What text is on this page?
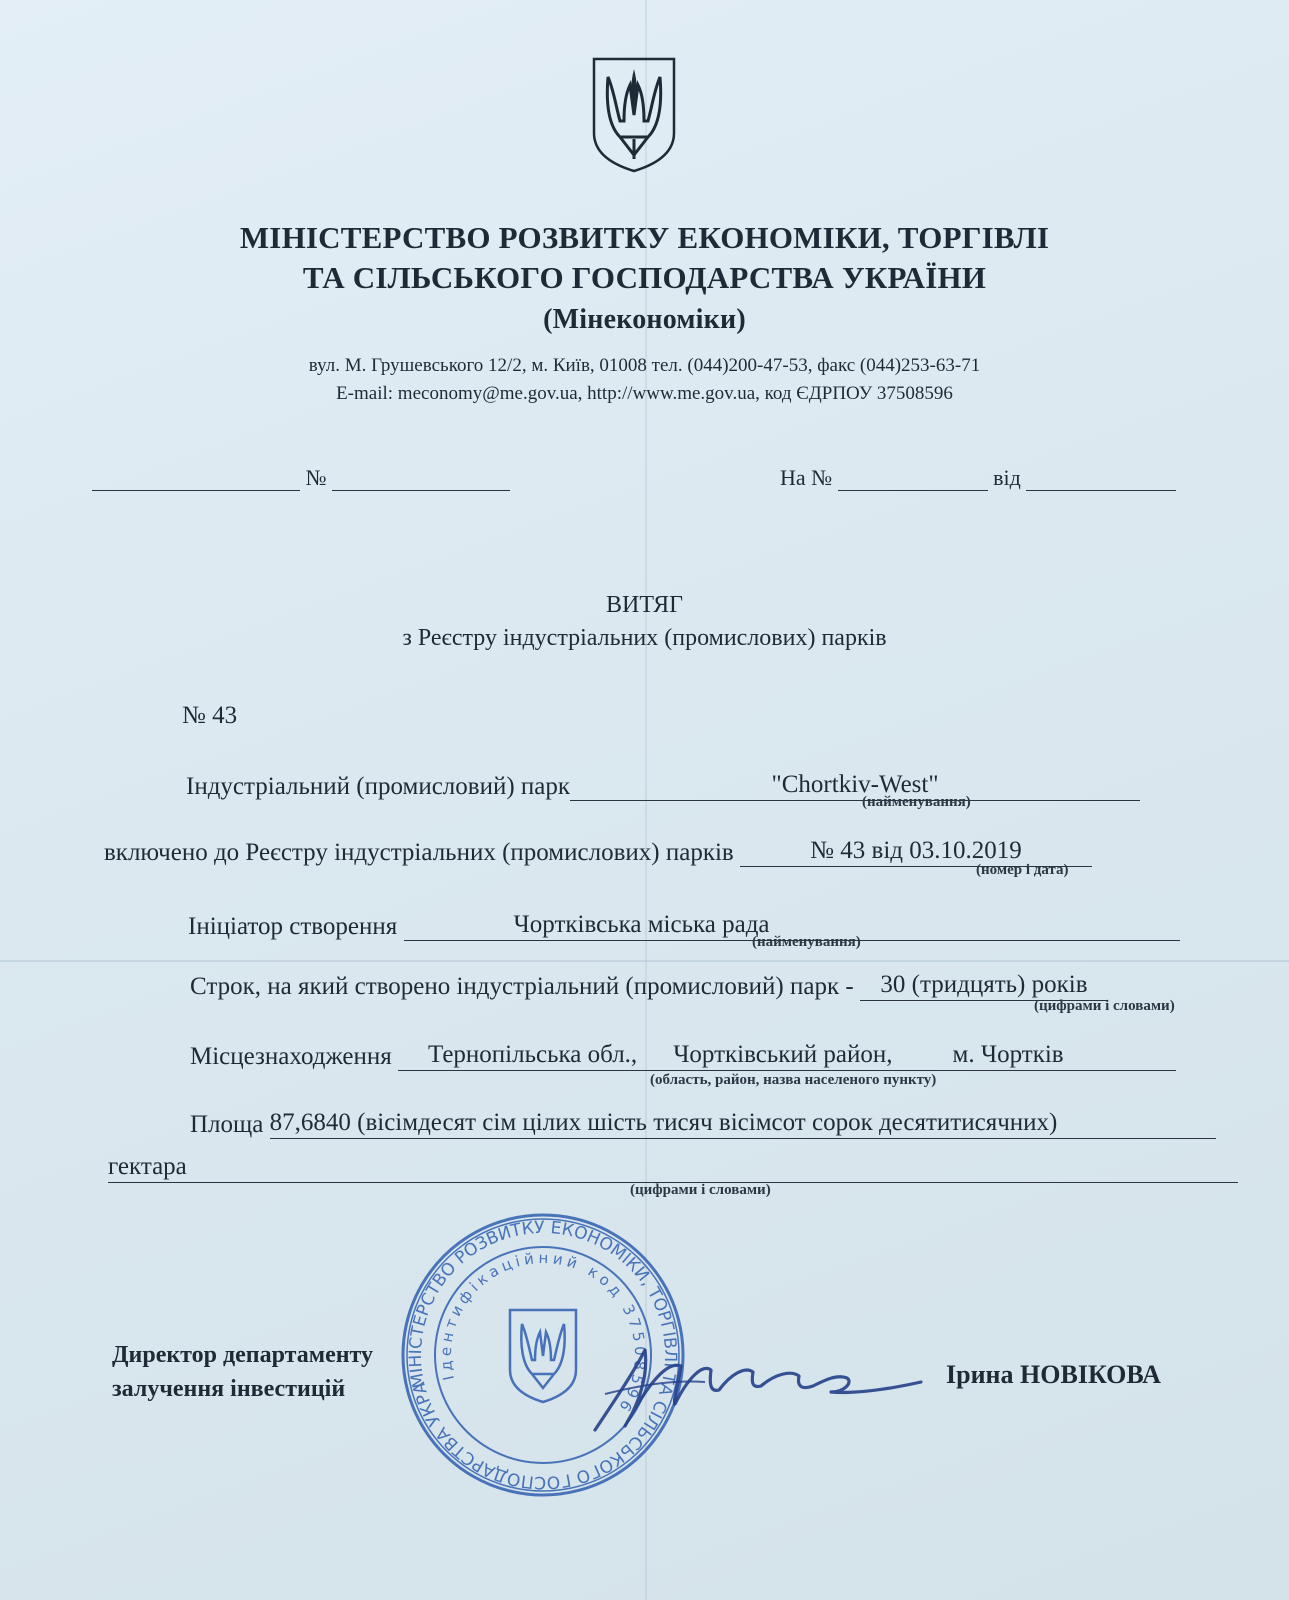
МІНІСТЕРСТВО РОЗВИТКУ ЕКОНОМІКИ, ТОРГІВЛІ
ТА СІЛЬСЬКОГО ГОСПОДАРСТВА УКРАЇНИ
(Мінекономіки)
вул. М. Грушевського 12/2, м. Київ, 01008 тел. (044)200-47-53, факс (044)253-63-71
E-mail: meconomy@me.gov.ua, http://www.me.gov.ua, код ЄДРПОУ 37508596
№	На №	від
ВИТЯГ
з Реєстру індустріальних (промислових) парків
№ 43
Індустріальний (промисловий) парк	"Chortkiv-West"
(найменування)
включено до Реєстру індустріальних (промислових) парків	№ 43 від 03.10.2019
(номер і дата)
Ініціатор створення	Чортківська міська рада
(найменування)
Строк, на який створено індустріальний (промисловий) парк - 30 (тридцять) років
(цифрами і словами)
Місцезнаходження Тернопільська обл., Чортківський район, м. Чортків
(область, район, назва населеного пункту)
Площа 87,6840 (вісімдесят сім цілих шість тисяч вісімсот сорок десятитисячних)
гектара
(цифрами і словами)
Директор департаменту
залучення інвестицій	Ірина НОВІКОВА
МІНІСТЕРСТВО РОЗВИТКУ ЕКОНОМІКИ, ТОРГІВЛІ ТА СІЛЬСЬКОГО ГОСПОДАРСТВА УКРАЇНИ
Ідентифікаційний код 37508596
